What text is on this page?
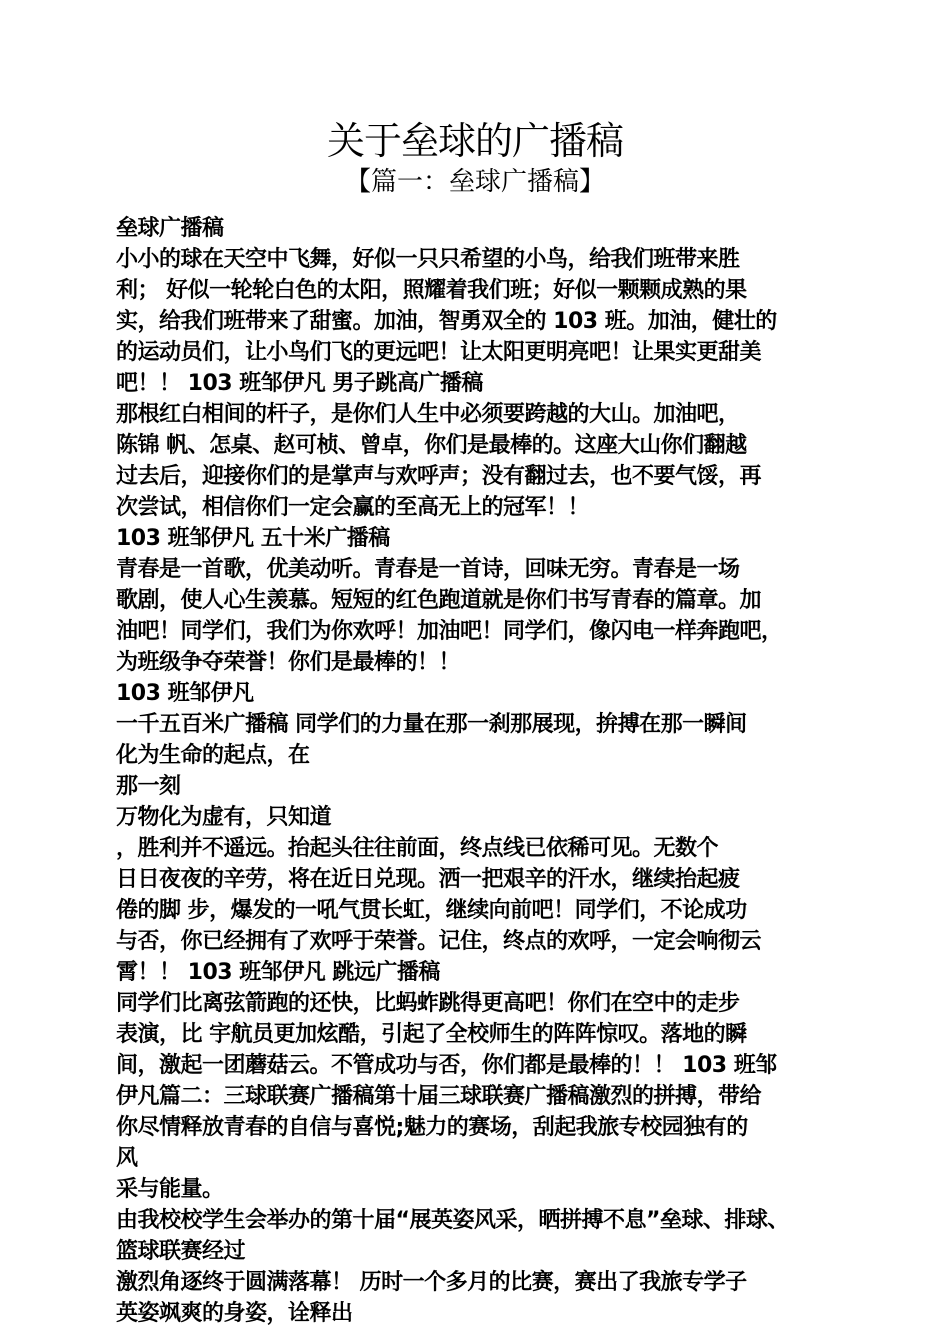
关于垒球的广播稿
【篇一：垒球广播稿】
垒球广播稿
小小的球在天空中飞舞，好似一只只希望的小鸟，给我们班带来胜
利； 好似一轮轮白色的太阳，照耀着我们班；好似一颗颗成熟的果
实，给我们班带来了甜蜜。加油，智勇双全的 103 班。加油，健壮的
的运动员们，让小鸟们飞的更远吧！让太阳更明亮吧！让果实更甜美
吧！！ 103 班邹伊凡 男子跳高广播稿
那根红白相间的杆子，是你们人生中必须要跨越的大山。加油吧，
陈锦 帆、怎桌、赵可桢、曾卓，你们是最棒的。这座大山你们翻越
过去后，迎接你们的是掌声与欢呼声；没有翻过去，也不要气馁，再
次尝试，相信你们一定会赢的至高无上的冠军！！
103 班邹伊凡 五十米广播稿
青春是一首歌，优美动听。青春是一首诗，回味无穷。青春是一场
歌剧，使人心生羡慕。短短的红色跑道就是你们书写青春的篇章。加
油吧！同学们，我们为你欢呼！加油吧！同学们，像闪电一样奔跑吧，
为班级争夺荣誉！你们是最棒的！！
103 班邹伊凡
一千五百米广播稿 同学们的力量在那一刹那展现，拚搏在那一瞬间
化为生命的起点，在
那一刻
万物化为虚有，只知道
，胜利并不遥远。抬起头往往前面，终点线已依稀可见。无数个
日日夜夜的辛劳，将在近日兑现。洒一把艰辛的汗水，继续抬起疲
倦的脚 步，爆发的一吼气贯长虹，继续向前吧！同学们，不论成功
与否，你已经拥有了欢呼于荣誉。记住，终点的欢呼，一定会响彻云
霄！！ 103 班邹伊凡 跳远广播稿
同学们比离弦箭跑的还快，比蚂蚱跳得更高吧！你们在空中的走步
表演，比 宇航员更加炫酷，引起了全校师生的阵阵惊叹。落地的瞬
间，激起一团蘑菇云。不管成功与否，你们都是最棒的！！ 103 班邹
伊凡篇二：三球联赛广播稿第十届三球联赛广播稿激烈的拼搏，带给
你尽情释放青春的自信与喜悦;魅力的赛场，刮起我旅专校园独有的
风
采与能量。
由我校校学生会举办的第十届“展英姿风采，晒拼搏不息”垒球、排球、
篮球联赛经过
激烈角逐终于圆满落幕！ 历时一个多月的比赛，赛出了我旅专学子
英姿飒爽的身姿，诠释出
